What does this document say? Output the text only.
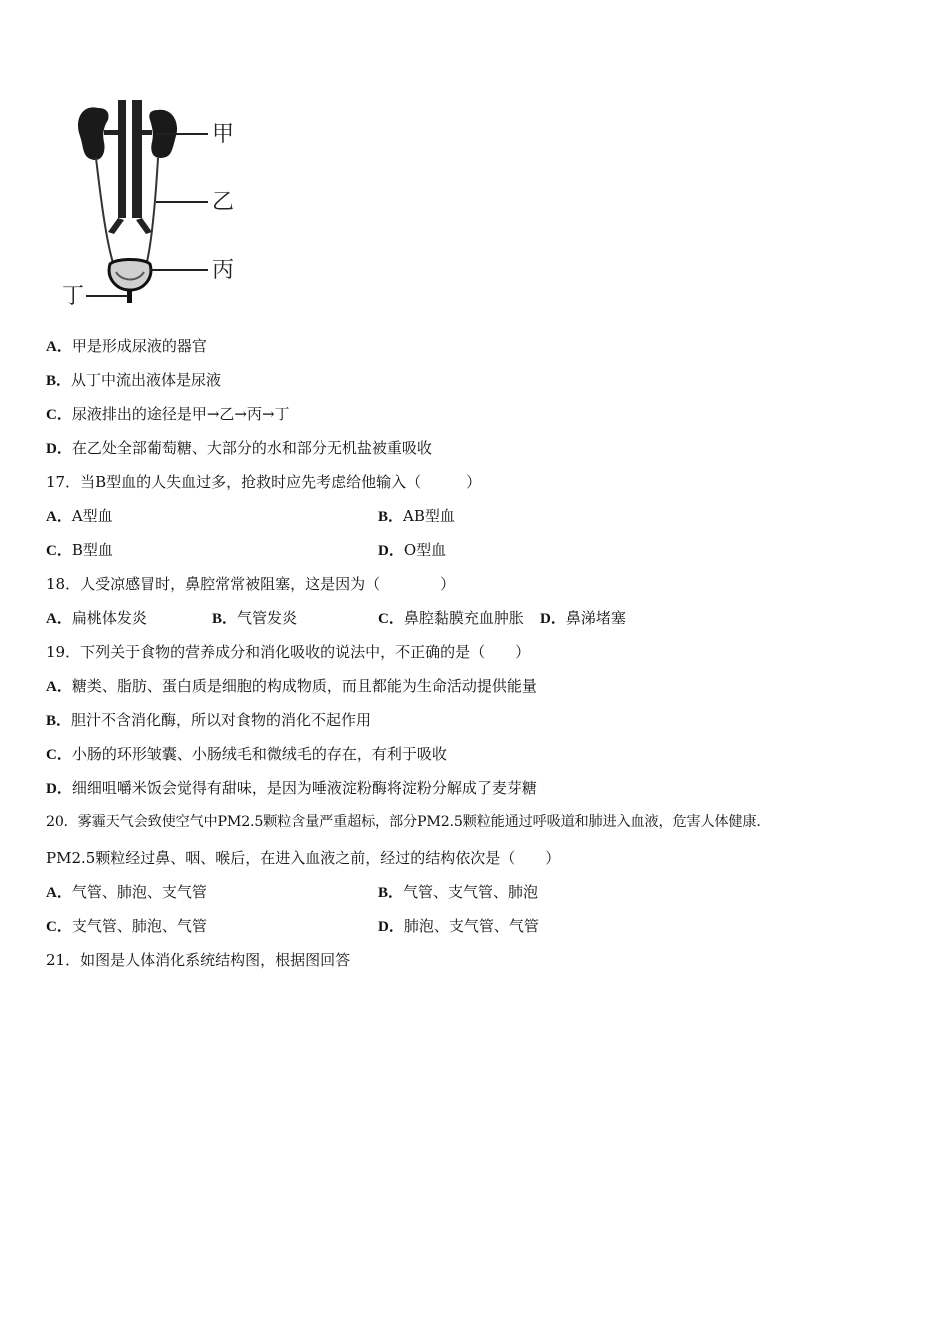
甲
乙
丙
丁
A．甲是形成尿液的器官
B．从丁中流出液体是尿液
C．尿液排出的途径是甲→乙→丙→丁
D．在乙处全部葡萄糖、大部分的水和部分无机盐被重吸收
17．当B型血的人失血过多，抢救时应先考虑给他输入（　　　）
A．A型血	B．AB型血
C．B型血	D．O型血
18．人受凉感冒时，鼻腔常常被阻塞，这是因为（　　　　）
A．扁桃体发炎	B．气管发炎	C．鼻腔黏膜充血肿胀 D．鼻涕堵塞
19．下列关于食物的营养成分和消化吸收的说法中，不正确的是（　　）
A．糖类、脂肪、蛋白质是细胞的构成物质，而且都能为生命活动提供能量
B．胆汁不含消化酶，所以对食物的消化不起作用
C．小肠的环形皱囊、小肠绒毛和微绒毛的存在，有利于吸收
D．细细咀嚼米饭会觉得有甜味，是因为唾液淀粉酶将淀粉分解成了麦芽糖
20．雾霾天气会致使空气中PM2.5颗粒含量严重超标，部分PM2.5颗粒能通过呼吸道和肺进入血液，危害人体健康．
PM2.5颗粒经过鼻、咽、喉后，在进入血液之前，经过的结构依次是（　　）
A．气管、肺泡、支气管	B．气管、支气管、肺泡
C．支气管、肺泡、气管	D．肺泡、支气管、气管
21．如图是人体消化系统结构图，根据图回答
